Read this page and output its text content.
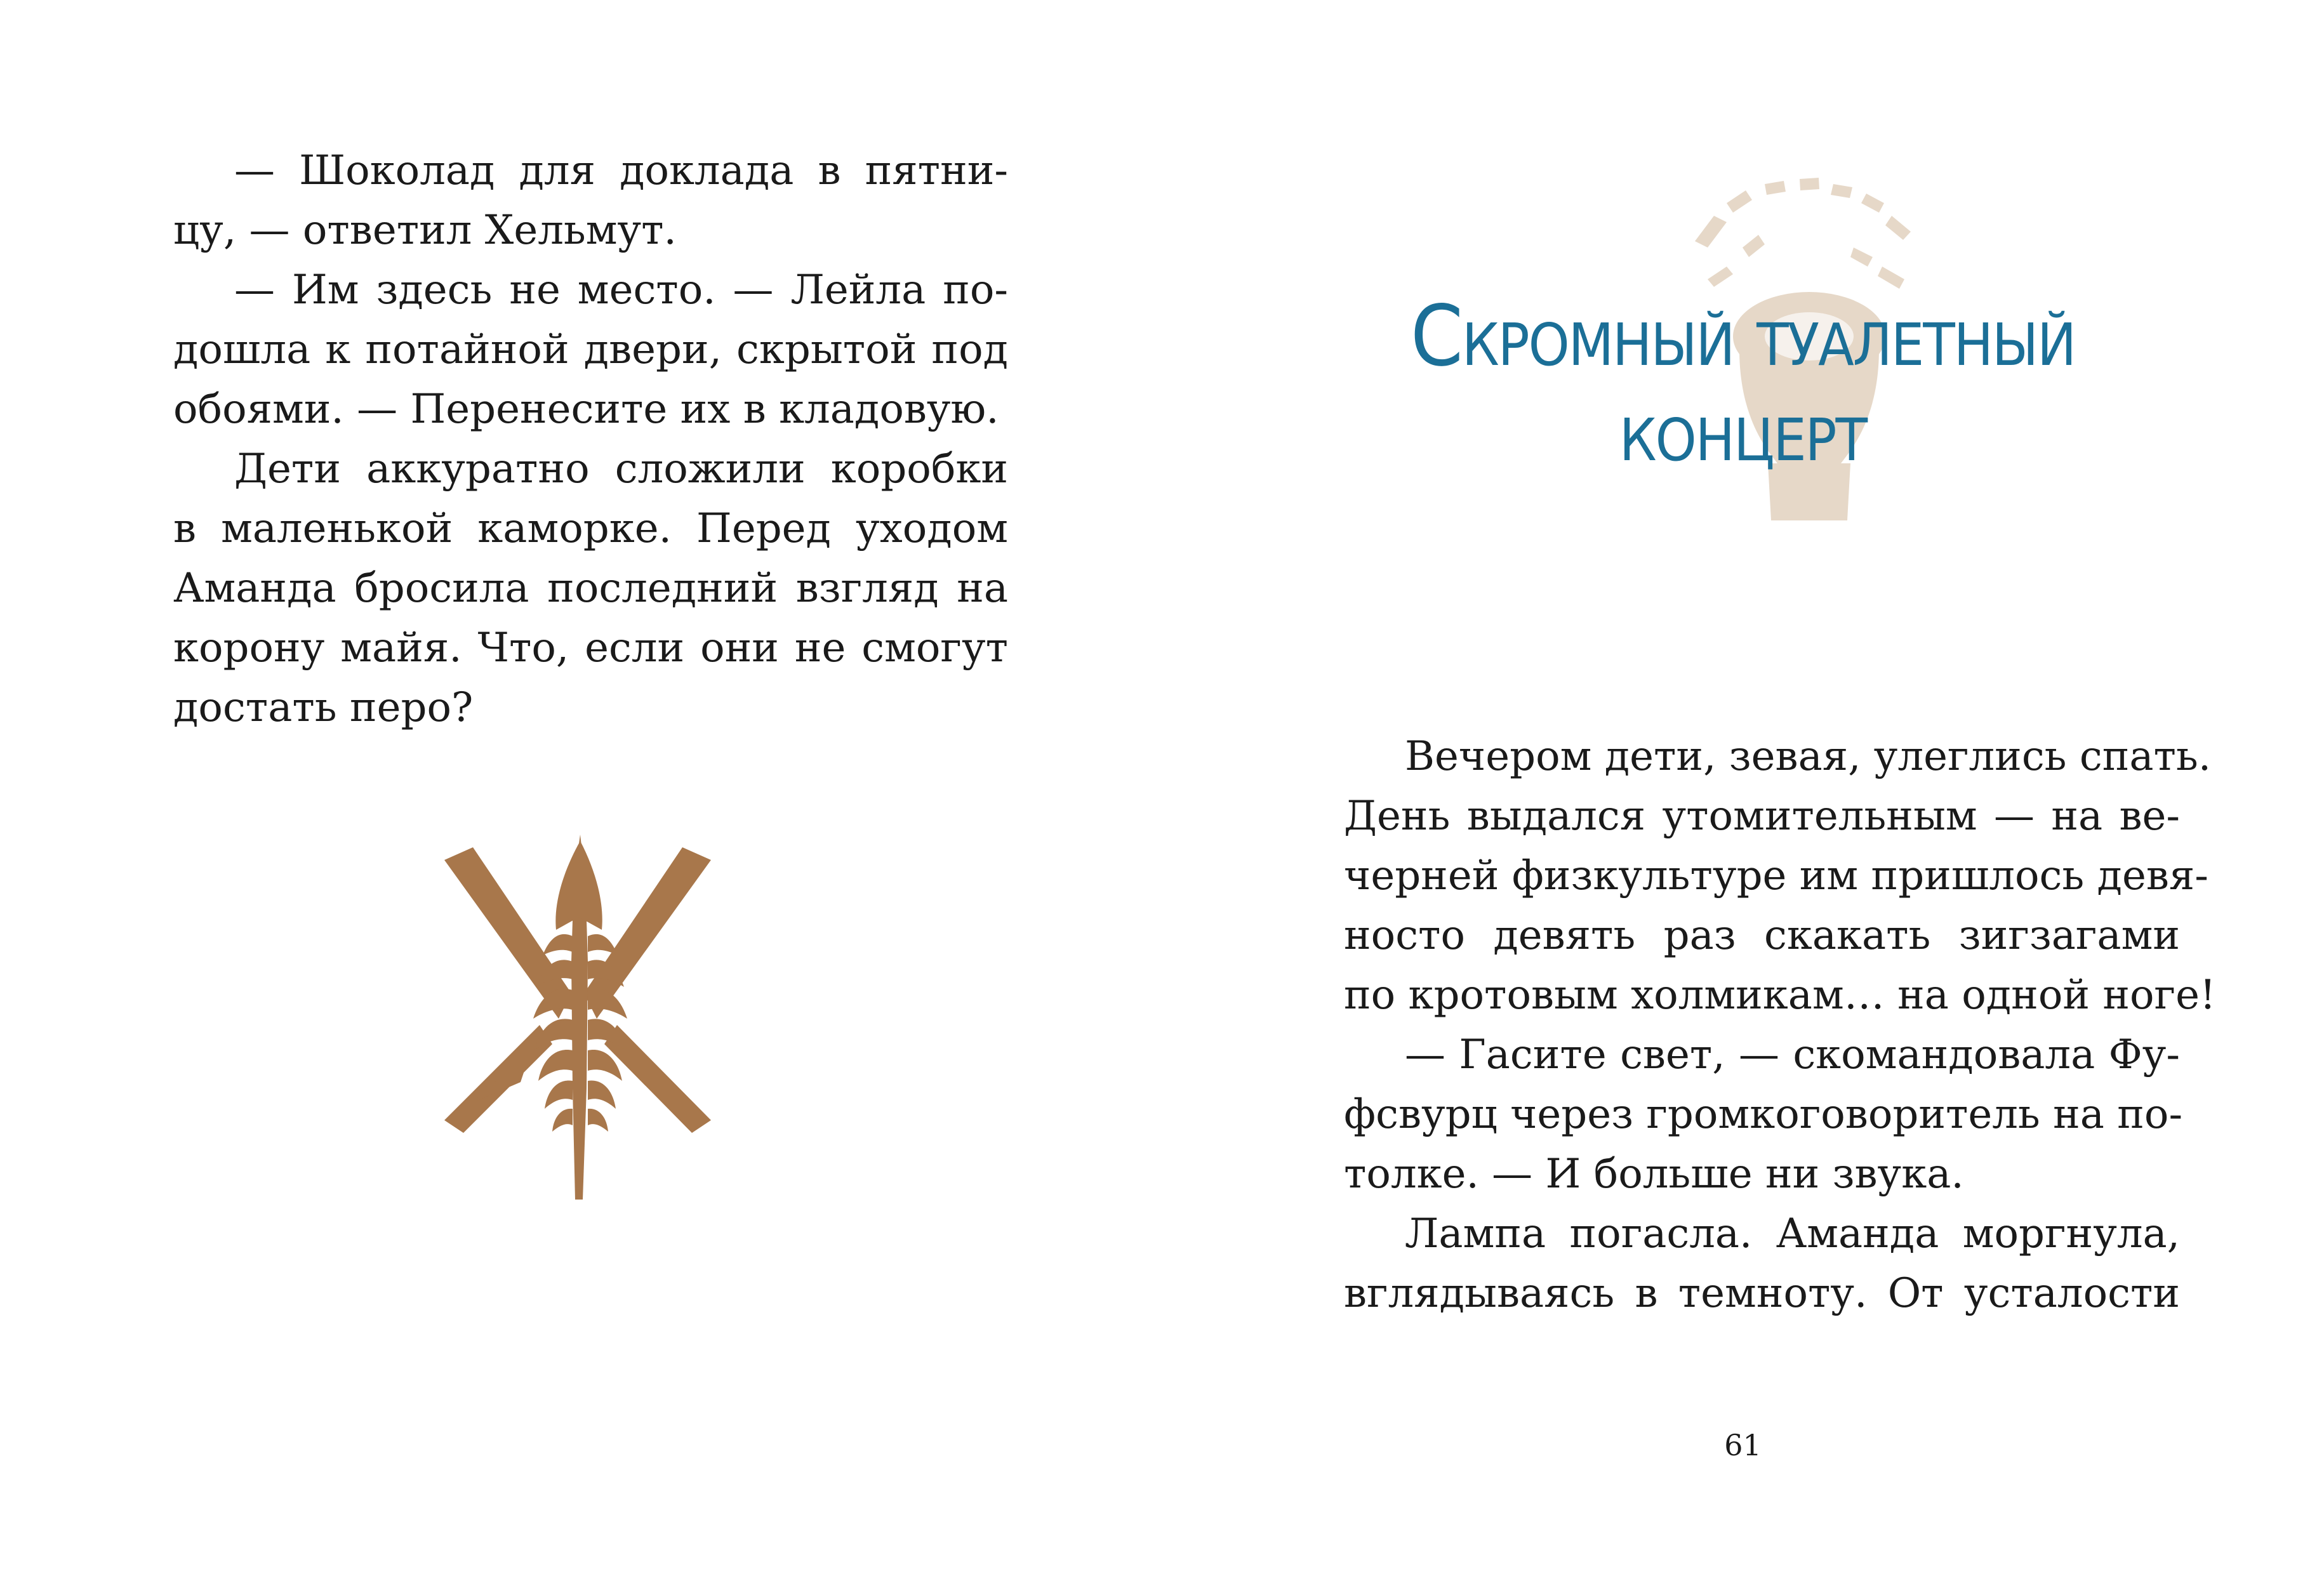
— Шоколад для доклада в пятни-
цу, — ответил Хельмут.
— Им здесь не место. — Лейла по-
дошла к потайной двери, скрытой под
обоями. — Перенесите их в кладовую.
Дети аккуратно сложили коробки
в маленькой каморке. Перед уходом
Аманда бросила последний взгляд на
корону майя. Что, если они не смогут
достать перо?
Скромный туалетный
концерт
Вечером дети, зевая, улеглись спать.
День выдался утомительным — на ве-
черней физкультуре им пришлось девя-
носто девять раз скакать зигзагами
по кротовым холмикам… на одной ноге!
— Гасите свет, — скомандовала Фу-
фсвурц через громкоговоритель на по-
толке. — И больше ни звука.
Лампа погасла. Аманда моргнула,
вглядываясь в темноту. От усталости
61
